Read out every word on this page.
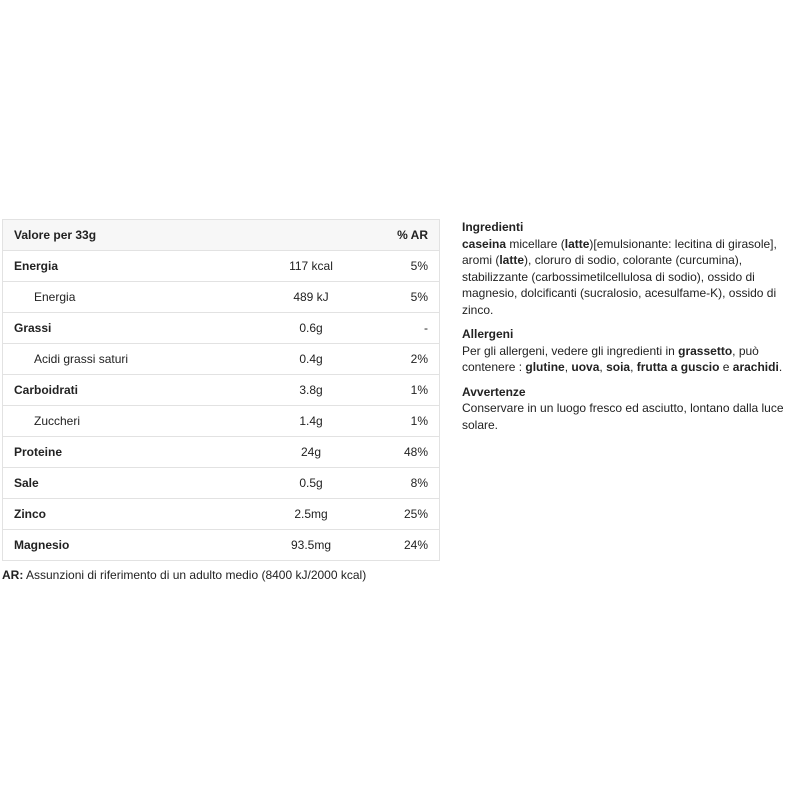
Valore per 33g		% AR
Energia	117 kcal	5%
Energia	489 kJ	5%
Grassi	0.6g	-
Acidi grassi saturi	0.4g	2%
Carboidrati	3.8g	1%
Zuccheri	1.4g	1%
Proteine	24g	48%
Sale	0.5g	8%
Zinco	2.5mg	25%
Magnesio	93.5mg	24%
AR: Assunzioni di riferimento di un adulto medio (8400 kJ/2000 kcal)
Ingredienti

caseina micellare (latte)[emulsionante: lecitina di girasole], aromi (latte), cloruro di sodio, colorante (curcumina), stabilizzante (carbossimetilcellulosa di sodio), ossido di magnesio, dolcificanti (sucralosio, acesulfame-K), ossido di zinco.

Allergeni

Per gli allergeni, vedere gli ingredienti in grassetto, può contenere : glutine, uova, soia, frutta a guscio e arachidi.

Avvertenze

Conservare in un luogo fresco ed asciutto, lontano dalla luce solare.
